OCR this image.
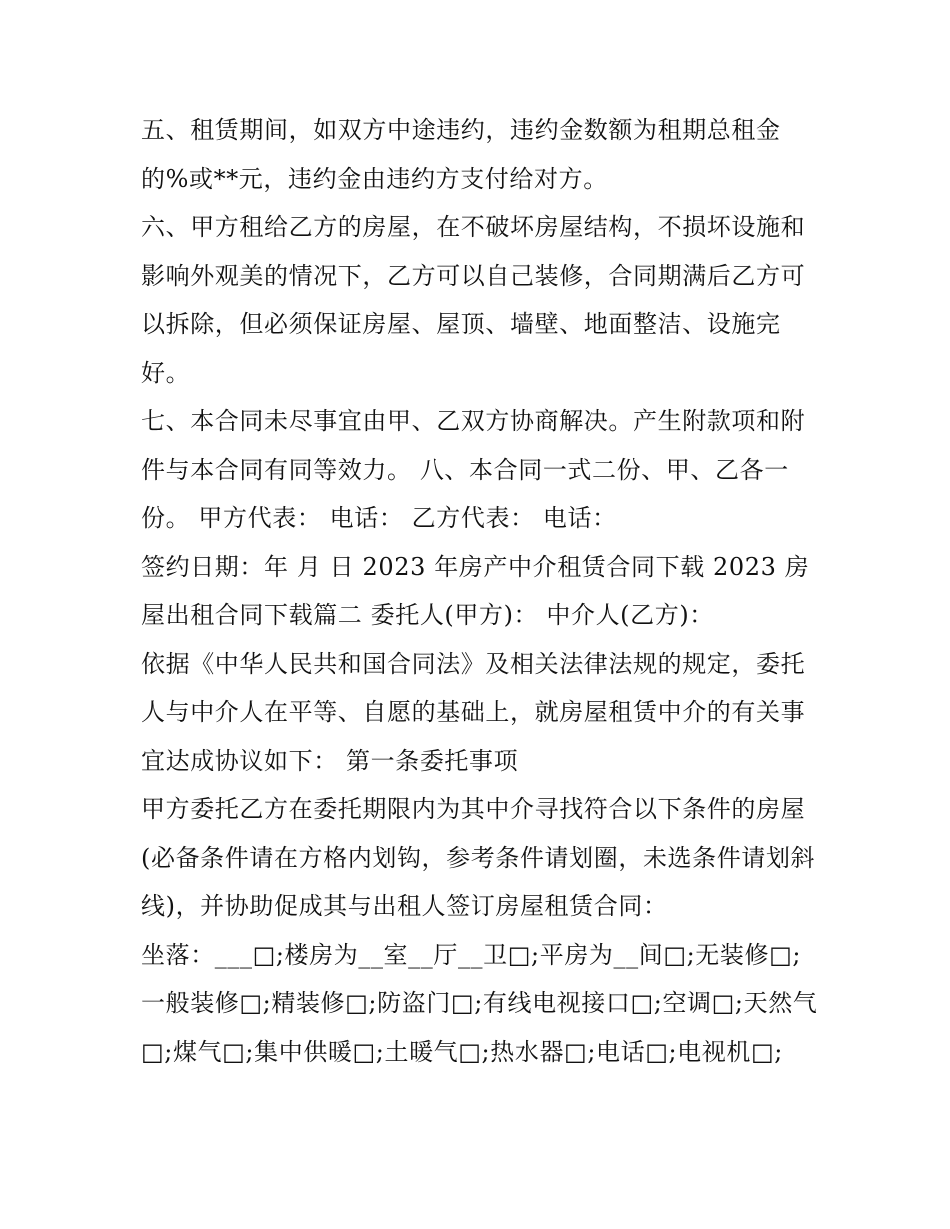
五、租赁期间，如双方中途违约，违约金数额为租期总租金的%或**元，违约金由违约方支付给对方。

六、甲方租给乙方的房屋，在不破坏房屋结构，不损坏设施和影响外观美的情况下，乙方可以自己装修，合同期满后乙方可以拆除，但必须保证房屋、屋顶、墙壁、地面整洁、设施完好。

七、本合同未尽事宜由甲、乙双方协商解决。产生附款项和附件与本合同有同等效力。 八、本合同一式二份、甲、乙各一份。 甲方代表： 电话： 乙方代表： 电话：

签约日期：年 月 日 2023 年房产中介租赁合同下载 2023 房屋出租合同下载篇二 委托人(甲方)： 中介人(乙方)：

依据《中华人民共和国合同法》及相关法律法规的规定，委托人与中介人在平等、自愿的基础上，就房屋租赁中介的有关事宜达成协议如下： 第一条委托事项

甲方委托乙方在委托期限内为其中介寻找符合以下条件的房屋(必备条件请在方格内划钩，参考条件请划圈，未选条件请划斜线)，并协助促成其与出租人签订房屋租赁合同：

坐落：___□;楼房为__室__厅__卫□;平房为__间□;无装修□;一般装修□;精装修□;防盗门□;有线电视接口□;空调□;天然气□;煤气□;集中供暖□;土暖气□;热水器□;电话□;电视机□;
